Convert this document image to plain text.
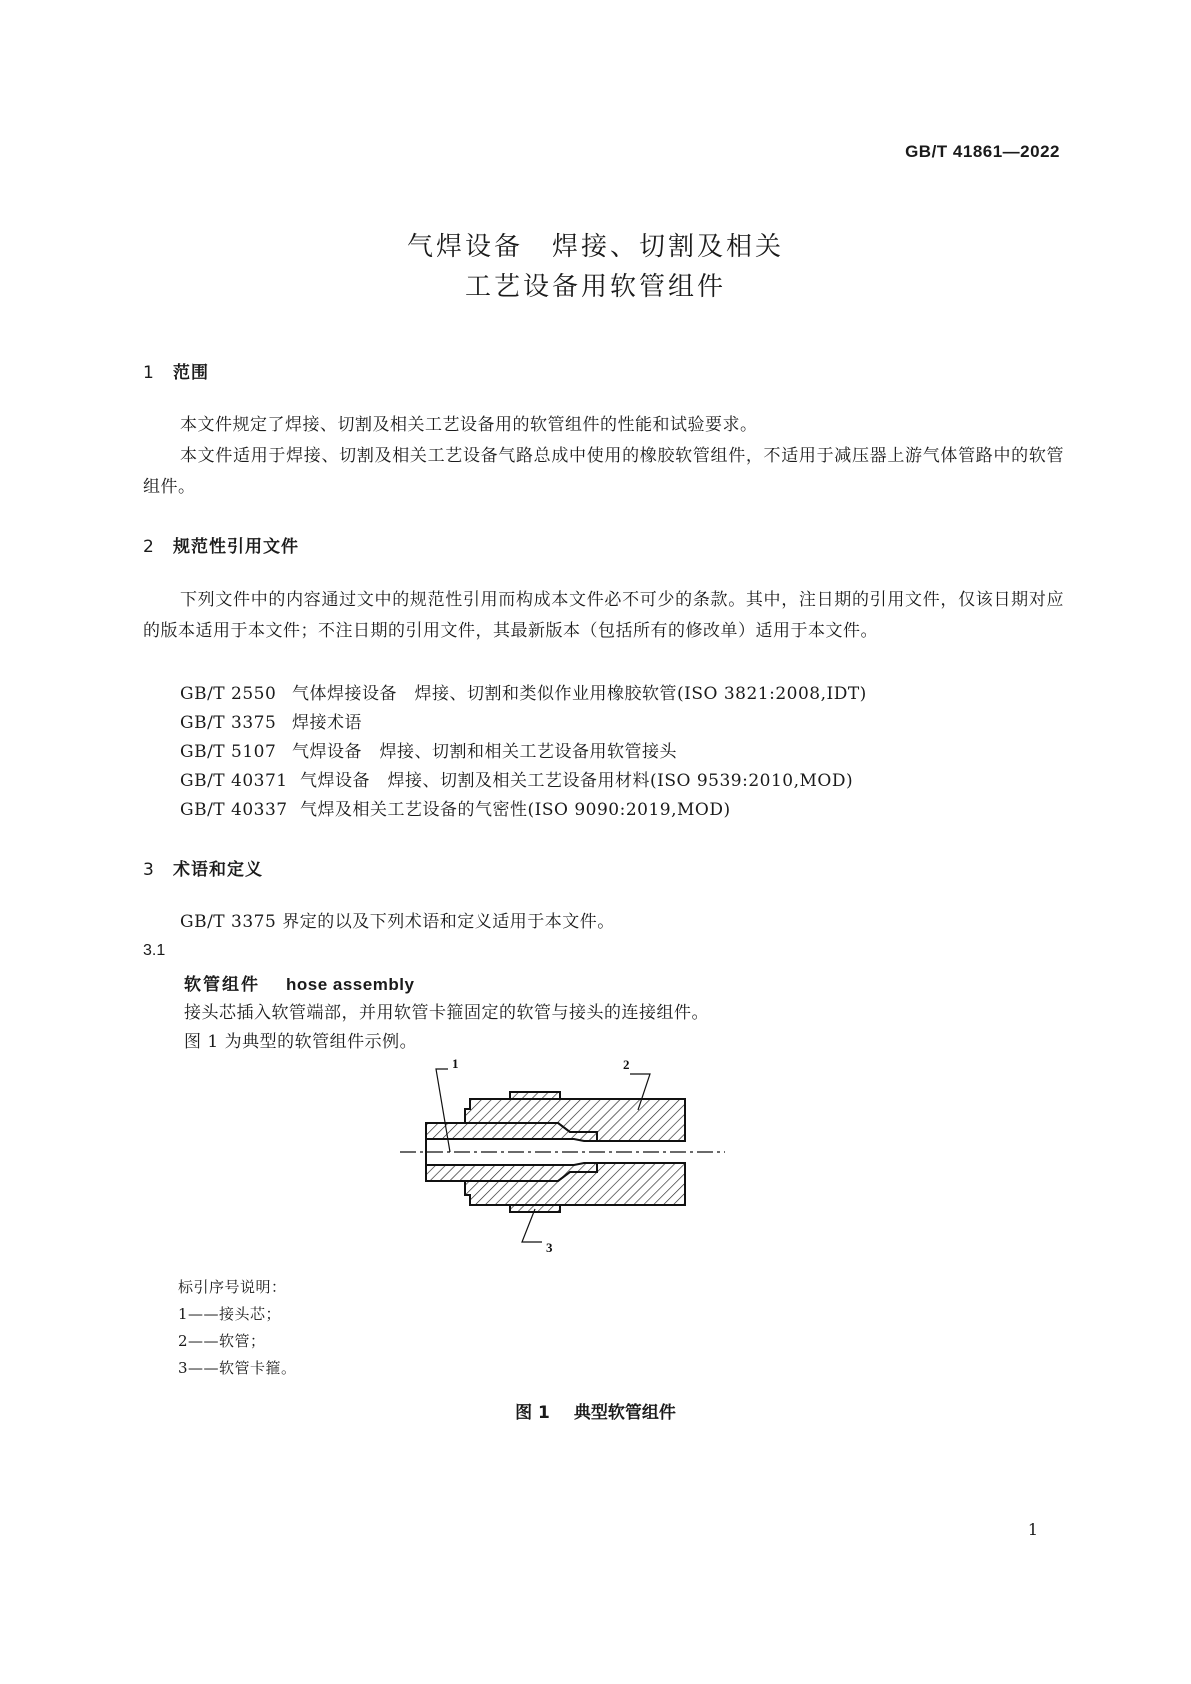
GB/T 41861—2022
气焊设备　焊接、切割及相关
工艺设备用软管组件
1 范围
本文件规定了焊接、切割及相关工艺设备用的软管组件的性能和试验要求。
本文件适用于焊接、切割及相关工艺设备气路总成中使用的橡胶软管组件，不适用于减压器上游气体管路中的软管组件。
2 规范性引用文件
下列文件中的内容通过文中的规范性引用而构成本文件必不可少的条款。其中，注日期的引用文件，仅该日期对应的版本适用于本文件；不注日期的引用文件，其最新版本（包括所有的修改单）适用于本文件。
GB/T 2550 气体焊接设备　焊接、切割和类似作业用橡胶软管(ISO 3821:2008,IDT)
GB/T 3375 焊接术语
GB/T 5107 气焊设备　焊接、切割和相关工艺设备用软管接头
GB/T 40371 气焊设备　焊接、切割及相关工艺设备用材料(ISO 9539:2010,MOD)
GB/T 40337 气焊及相关工艺设备的气密性(ISO 9090:2019,MOD)
3 术语和定义
GB/T 3375 界定的以及下列术语和定义适用于本文件。
3.1
软管组件 hose assembly
接头芯插入软管端部，并用软管卡箍固定的软管与接头的连接组件。
图 1 为典型的软管组件示例。
1	2
3
标引序号说明：
1——接头芯；
2——软管；
3——软管卡箍。
图 1 典型软管组件
1
